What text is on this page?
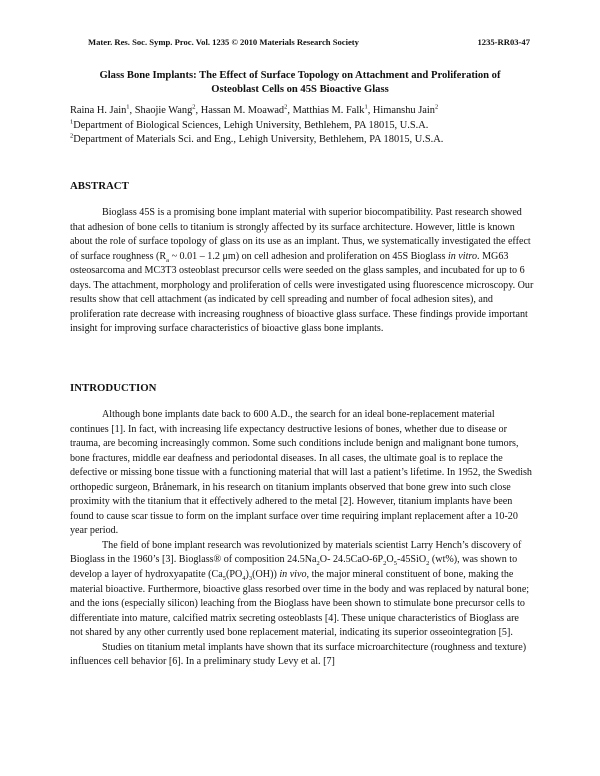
Mater. Res. Soc. Symp. Proc. Vol. 1235 © 2010 Materials Research Society	1235-RR03-47
Glass Bone Implants: The Effect of Surface Topology on Attachment and Proliferation of
Osteoblast Cells on 45S Bioactive Glass

Raina H. Jain$^1$, Shaojie Wang$^2$, Hassan M. Moawad$^2$, Matthias M. Falk$^1$, Himanshu Jain$^2$

$^1$Department of Biological Sciences, Lehigh University, Bethlehem, PA 18015, U.S.A.

$^2$Department of Materials Sci. and Eng., Lehigh University, Bethlehem, PA 18015, U.S.A.

ABSTRACT

Bioglass 45S is a promising bone implant material with superior biocompatibility. Past research showed that adhesion of bone cells to titanium is strongly affected by its surface architecture. However, little is known about the role of surface topology of glass on its use as an implant. Thus, we systematically investigated the effect of surface roughness ($R_a$ ~ 0.01 – 1.2 μm) on cell adhesion and proliferation on 45S Bioglass in vitro. MG63 osteosarcoma and MC3T3 osteoblast precursor cells were seeded on the glass samples, and incubated for up to 6 days. The attachment, morphology and proliferation of cells were investigated using fluorescence microscopy. Our results show that cell attachment (as indicated by cell spreading and number of focal adhesion sites), and proliferation rate decrease with increasing roughness of bioactive glass surface. These findings provide important insight for improving surface characteristics of bioactive glass bone implants.

INTRODUCTION

Although bone implants date back to 600 A.D., the search for an ideal bone-replacement material continues [1]. In fact, with increasing life expectancy destructive lesions of bones, whether due to disease or trauma, are becoming increasingly common. Some such conditions include benign and malignant bone tumors, bone fractures, middle ear deafness and periodontal diseases. In all cases, the ultimate goal is to replace the defective or missing bone tissue with a functioning material that will last a patient’s lifetime. In 1952, the Swedish orthopedic surgeon, Brånemark, in his research on titanium implants observed that bone grew into such close proximity with the titanium that it effectively adhered to the metal [2]. However, titanium implants have been found to cause scar tissue to form on the implant surface over time requiring implant replacement after a 10-20 year period.

The field of bone implant research was revolutionized by materials scientist Larry Hench’s discovery of Bioglass in the 1960’s [3]. Bioglass® of composition $24.5Na_2O-$ $24.5CaO-6P_2O_5-45SiO_2$ (wt%), was shown to develop a layer of hydroxyapatite $(Ca_5(PO_4)_3(OH))$ in vivo, the major mineral constituent of bone, making the material bioactive. Furthermore, bioactive glass resorbed over time in the body and was replaced by natural bone; and the ions (especially silicon) leaching from the Bioglass have been shown to stimulate bone precursor cells to differentiate into mature, calcified matrix secreting osteoblasts [4]. These unique characteristics of Bioglass are not shared by any other currently used bone replacement material, indicating its superior osseointegration [5].

Studies on titanium metal implants have shown that its surface microarchitecture (roughness and texture) influences cell behavior [6]. In a preliminary study Levy et al. [7]
